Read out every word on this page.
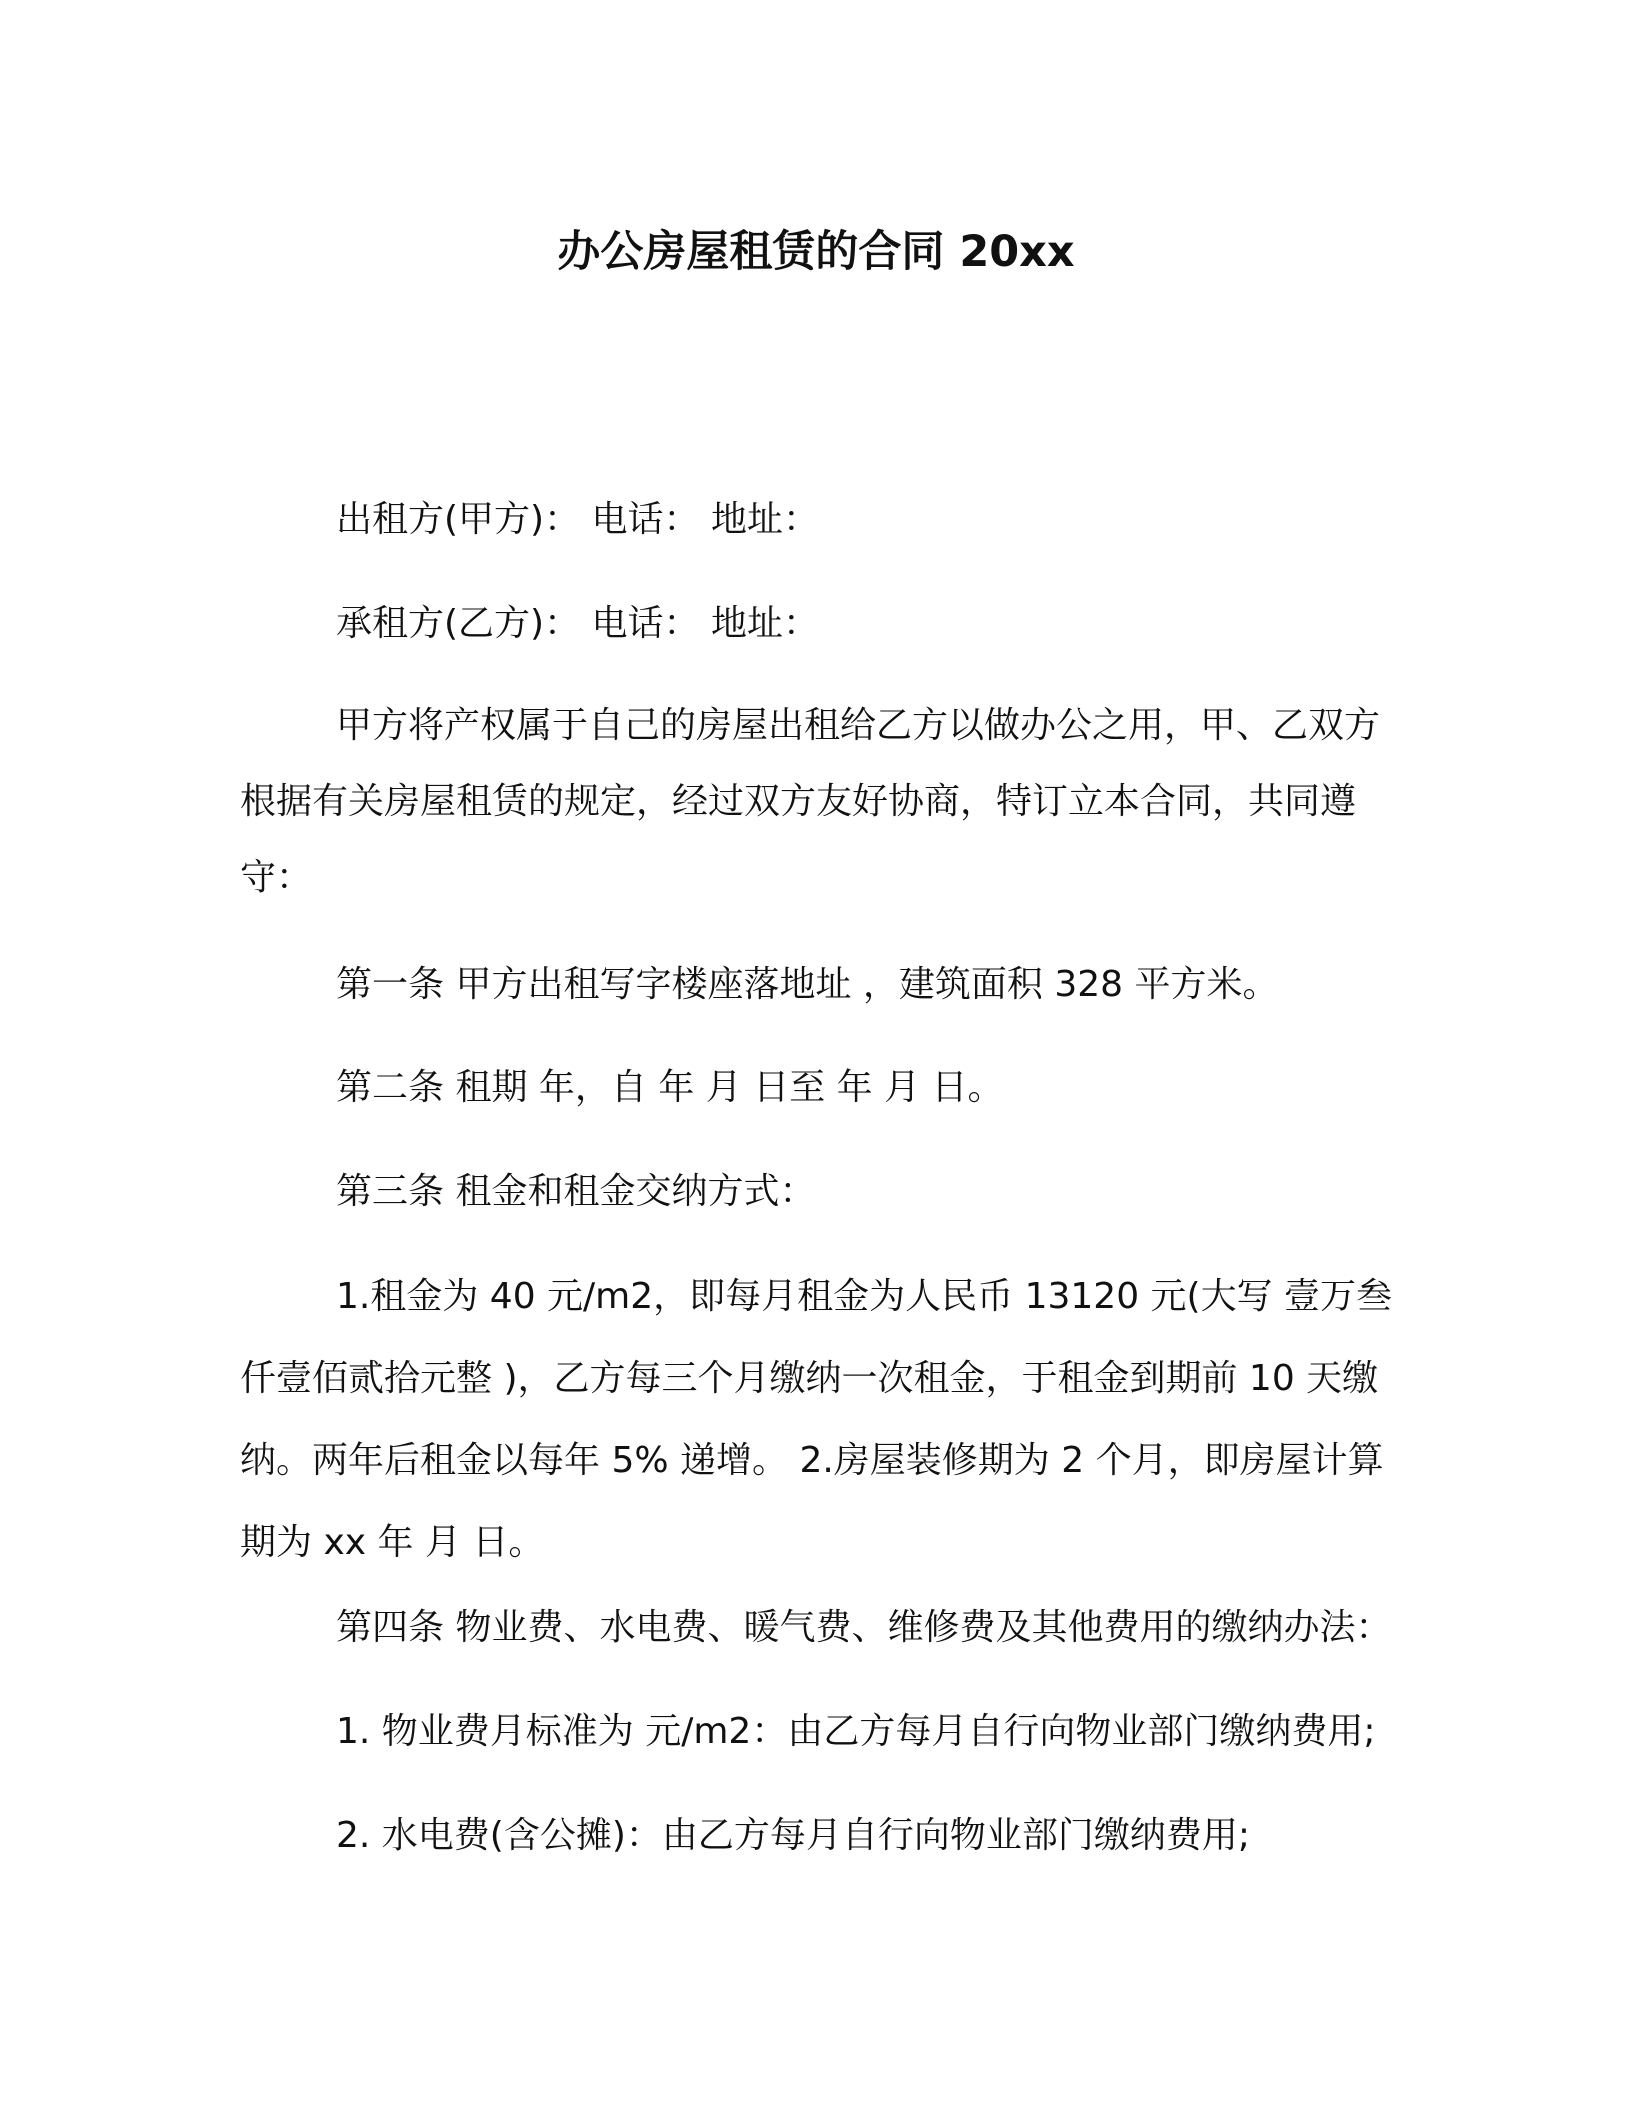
办公房屋租赁的合同 20xx
出租方(甲方)： 电话： 地址：
承租方(乙方)： 电话： 地址：

甲方将产权属于自己的房屋出租给乙方以做办公之用，甲、乙双方根据有关房屋租赁的规定，经过双方友好协商，特订立本合同，共同遵守：

第一条 甲方出租写字楼座落地址 ，建筑面积 328 平方米。
第二条 租期 年，自 年 月 日至 年 月 日。
第三条 租金和租金交纳方式：

1.租金为 40 元/m2，即每月租金为人民币 13120 元(大写 壹万叁仟壹佰贰拾元整 )，乙方每三个月缴纳一次租金，于租金到期前 10 天缴纳。两年后租金以每年 5% 递增。 2.房屋装修期为 2 个月，即房屋计算期为 xx 年 月 日。

第四条 物业费、水电费、暖气费、维修费及其他费用的缴纳办法：
1. 物业费月标准为 元/m2：由乙方每月自行向物业部门缴纳费用;
2. 水电费(含公摊)：由乙方每月自行向物业部门缴纳费用;
